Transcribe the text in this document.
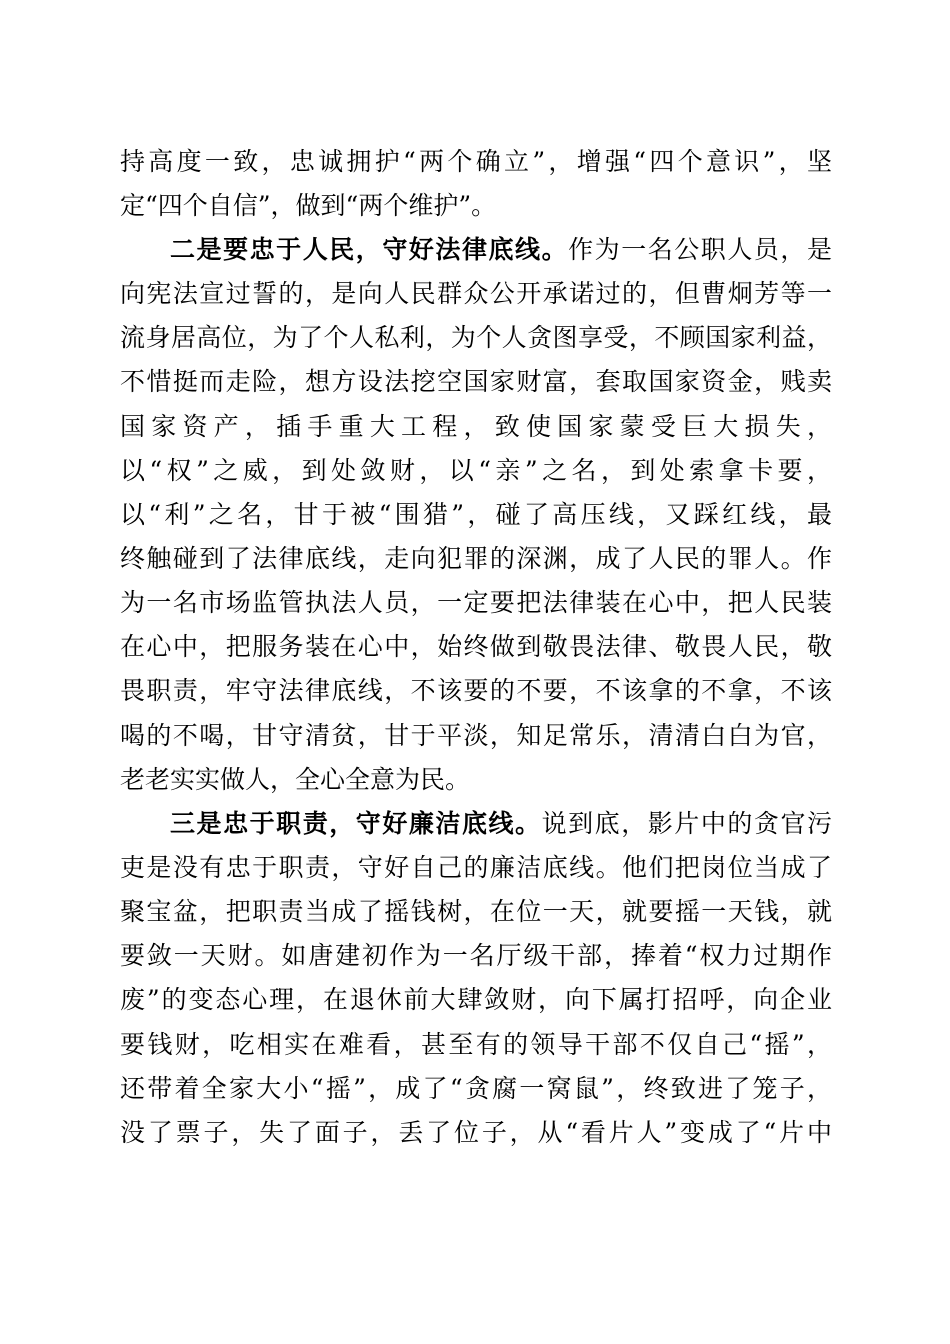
持高度一致，忠诚拥护“两个确立”，增强“四个意识”，坚
定“四个自信”，做到“两个维护”。
二是要忠于人民，守好法律底线。作为一名公职人员，是
向宪法宣过誓的，是向人民群众公开承诺过的，但曹炯芳等一
流身居高位，为了个人私利，为个人贪图享受，不顾国家利益，
不惜挺而走险，想方设法挖空国家财富，套取国家资金，贱卖
国家资产，插手重大工程，致使国家蒙受巨大损失，
以“权”之威，到处敛财，以“亲”之名，到处索拿卡要，
以“利”之名，甘于被“围猎”，碰了高压线，又踩红线，最
终触碰到了法律底线，走向犯罪的深渊，成了人民的罪人。作
为一名市场监管执法人员，一定要把法律装在心中，把人民装
在心中，把服务装在心中，始终做到敬畏法律、敬畏人民，敬
畏职责，牢守法律底线，不该要的不要，不该拿的不拿，不该
喝的不喝，甘守清贫，甘于平淡，知足常乐，清清白白为官，
老老实实做人，全心全意为民。
三是忠于职责，守好廉洁底线。说到底，影片中的贪官污
吏是没有忠于职责，守好自己的廉洁底线。他们把岗位当成了
聚宝盆，把职责当成了摇钱树，在位一天，就要摇一天钱，就
要敛一天财。如唐建初作为一名厅级干部，捧着“权力过期作
废”的变态心理，在退休前大肆敛财，向下属打招呼，向企业
要钱财，吃相实在难看，甚至有的领导干部不仅自己“摇”，
还带着全家大小“摇”，成了“贪腐一窝鼠”，终致进了笼子，
没了票子，失了面子，丢了位子，从“看片人”变成了“片中
